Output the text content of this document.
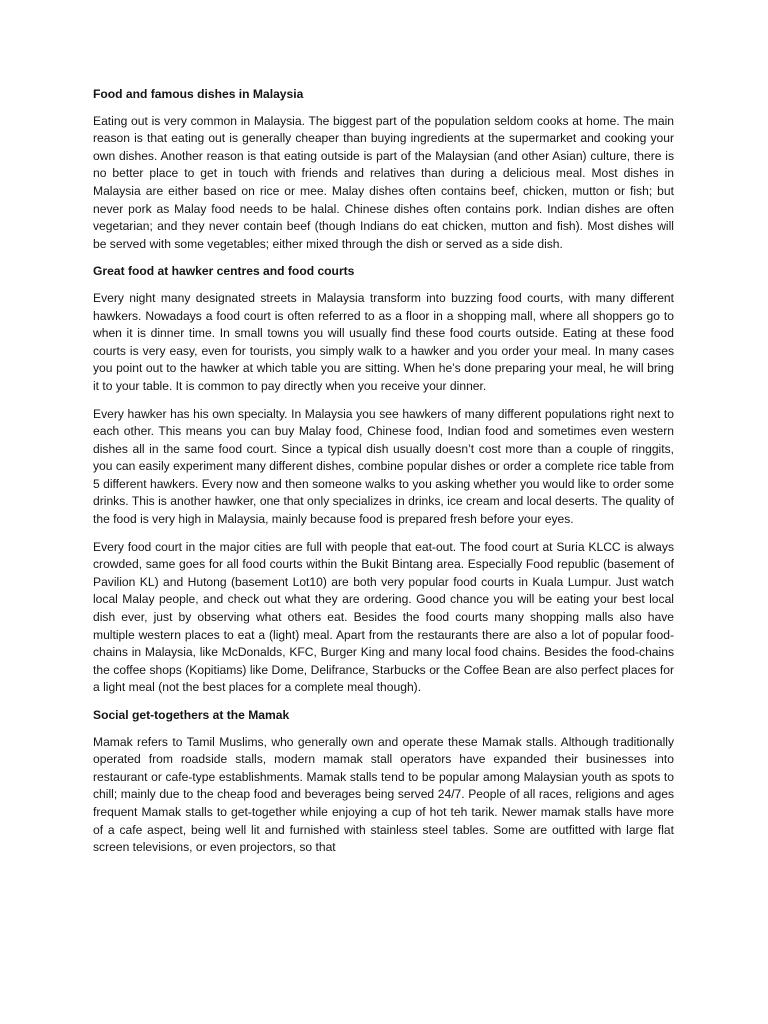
Food and famous dishes in Malaysia

Eating out is very common in Malaysia. The biggest part of the population seldom cooks at home. The main reason is that eating out is generally cheaper than buying ingredients at the supermarket and cooking your own dishes. Another reason is that eating outside is part of the Malaysian (and other Asian) culture, there is no better place to get in touch with friends and relatives than during a delicious meal. Most dishes in Malaysia are either based on rice or mee. Malay dishes often contains beef, chicken, mutton or fish; but never pork as Malay food needs to be halal. Chinese dishes often contains pork. Indian dishes are often vegetarian; and they never contain beef (though Indians do eat chicken, mutton and fish). Most dishes will be served with some vegetables; either mixed through the dish or served as a side dish.

Great food at hawker centres and food courts

Every night many designated streets in Malaysia transform into buzzing food courts, with many different hawkers. Nowadays a food court is often referred to as a floor in a shopping mall, where all shoppers go to when it is dinner time. In small towns you will usually find these food courts outside. Eating at these food courts is very easy, even for tourists, you simply walk to a hawker and you order your meal. In many cases you point out to the hawker at which table you are sitting. When he’s done preparing your meal, he will bring it to your table. It is common to pay directly when you receive your dinner.

Every hawker has his own specialty. In Malaysia you see hawkers of many different populations right next to each other. This means you can buy Malay food, Chinese food, Indian food and sometimes even western dishes all in the same food court. Since a typical dish usually doesn’t cost more than a couple of ringgits, you can easily experiment many different dishes, combine popular dishes or order a complete rice table from 5 different hawkers. Every now and then someone walks to you asking whether you would like to order some drinks. This is another hawker, one that only specializes in drinks, ice cream and local deserts. The quality of the food is very high in Malaysia, mainly because food is prepared fresh before your eyes.

Every food court in the major cities are full with people that eat-out. The food court at Suria KLCC is always crowded, same goes for all food courts within the Bukit Bintang area. Especially Food republic (basement of Pavilion KL) and Hutong (basement Lot10) are both very popular food courts in Kuala Lumpur. Just watch local Malay people, and check out what they are ordering. Good chance you will be eating your best local dish ever, just by observing what others eat. Besides the food courts many shopping malls also have multiple western places to eat a (light) meal. Apart from the restaurants there are also a lot of popular food-chains in Malaysia, like McDonalds, KFC, Burger King and many local food chains. Besides the food-chains the coffee shops (Kopitiams) like Dome, Delifrance, Starbucks or the Coffee Bean are also perfect places for a light meal (not the best places for a complete meal though).

Social get-togethers at the Mamak

Mamak refers to Tamil Muslims, who generally own and operate these Mamak stalls. Although traditionally operated from roadside stalls, modern mamak stall operators have expanded their businesses into restaurant or cafe-type establishments. Mamak stalls tend to be popular among Malaysian youth as spots to chill; mainly due to the cheap food and beverages being served 24/7. People of all races, religions and ages frequent Mamak stalls to get-together while enjoying a cup of hot teh tarik. Newer mamak stalls have more of a cafe aspect, being well lit and furnished with stainless steel tables. Some are outfitted with large flat screen televisions, or even projectors, so that
